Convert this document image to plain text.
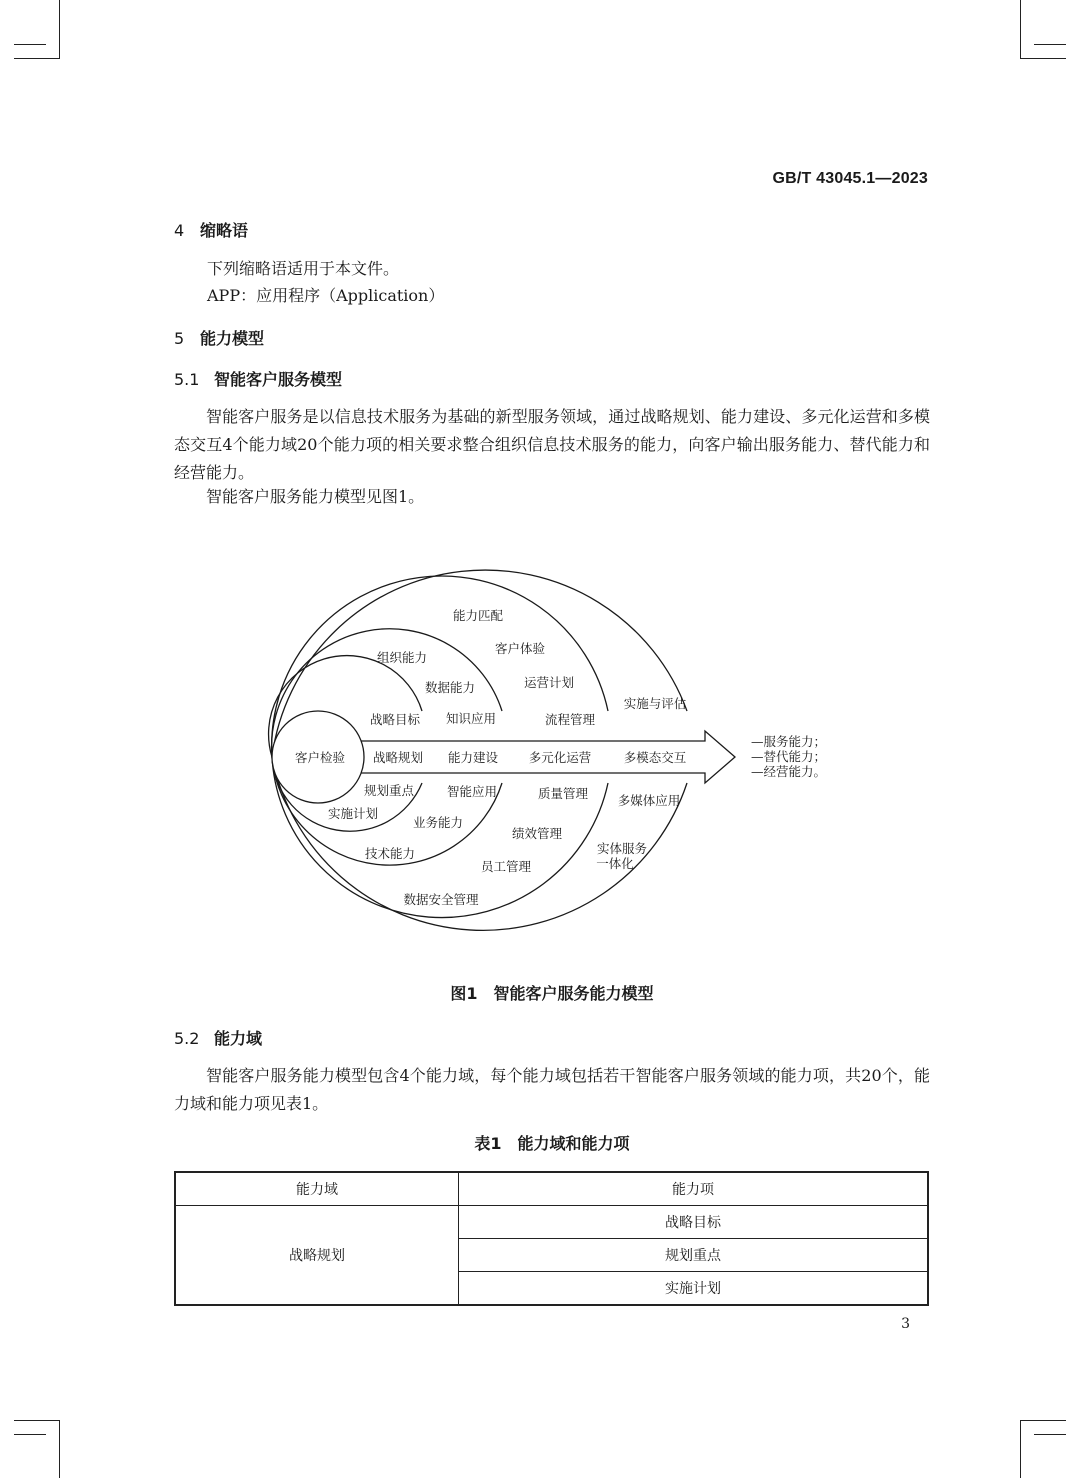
GB/T 43045.1—2023
4 缩略语
下列缩略语适用于本文件。
APP：应用程序（Application）
5 能力模型
5.1 智能客户服务模型
智能客户服务是以信息技术服务为基础的新型服务领域，通过战略规划、能力建设、多元化运营和多模态交互4个能力域20个能力项的相关要求整合组织信息技术服务的能力，向客户输出服务能力、替代能力和经营能力。
智能客户服务能力模型见图1。
客户检验 战略规划 能力建设 多元化运营	多模态交互
战略目标
规划重点
实施计划
组织能力
数据能力
知识应用
智能应用
业务能力
技术能力
能力匹配
客户体验
运营计划
流程管理
质量管理
绩效管理
员工管理
数据安全管理
实施与评估
多媒体应用
实体服务
一体化
—服务能力；
—替代能力；
—经营能力。
图1　智能客户服务能力模型
5.2 能力域
智能客户服务能力模型包含4个能力域，每个能力域包括若干智能客户服务领域的能力项，共20个，能力域和能力项见表1。
表1　能力域和能力项
能力域	能力项
战略规划	战略目标
	规划重点
	实施计划
3
